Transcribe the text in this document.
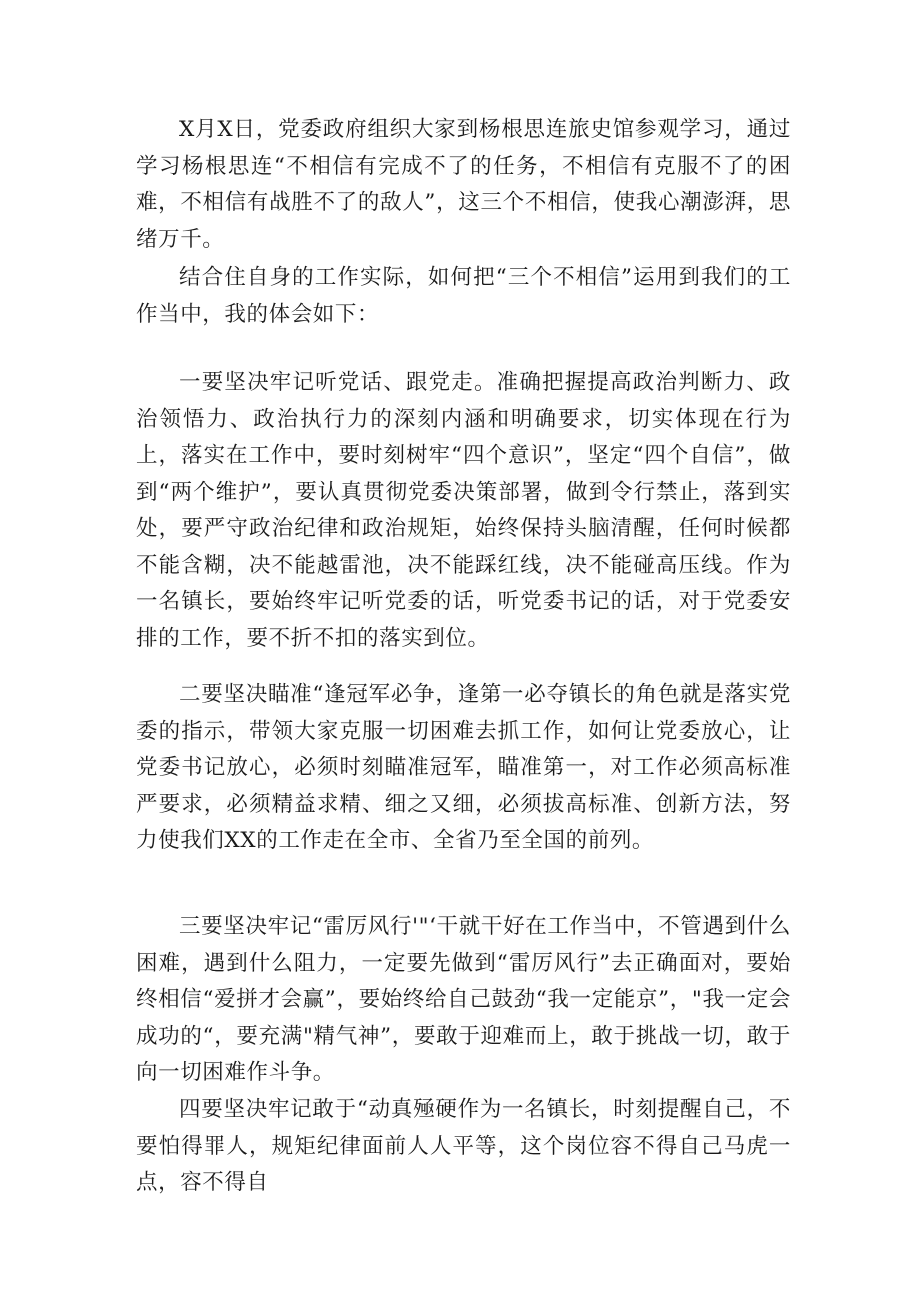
X月X日，党委政府组织大家到杨根思连旅史馆参观学习，通过学习杨根思连“不相信有完成不了的任务，不相信有克服不了的困难，不相信有战胜不了的敌人”，这三个不相信，使我心潮澎湃，思绪万千。

结合住自身的工作实际，如何把“三个不相信”运用到我们的工作当中，我的体会如下：

一要坚决牢记听党话、跟党走。准确把握提高政治判断力、政治领悟力、政治执行力的深刻内涵和明确要求，切实体现在行为上，落实在工作中，要时刻树牢“四个意识”，坚定“四个自信”，做到“两个维护”，要认真贯彻党委决策部署，做到令行禁止，落到实处，要严守政治纪律和政治规矩，始终保持头脑清醒，任何时候都不能含糊，决不能越雷池，决不能踩红线，决不能碰高压线。作为一名镇长，要始终牢记听党委的话，听党委书记的话，对于党委安排的工作，要不折不扣的落实到位。

二要坚决瞄准“逢冠军必争，逢第一必夺镇长的角色就是落实党委的指示，带领大家克服一切困难去抓工作，如何让党委放心，让党委书记放心，必须时刻瞄准冠军，瞄准第一，对工作必须高标准严要求，必须精益求精、细之又细，必须拔高标准、创新方法，努力使我们XX的工作走在全市、全省乃至全国的前列。

三要坚决牢记“雷厉风行'"‘干就干好在工作当中，不管遇到什么困难，遇到什么阻力，一定要先做到“雷厉风行”去正确面对，要始终相信“爱拼才会赢”，要始终给自己鼓劲“我一定能京”，"我一定会成功的“，要充满"精气神”，要敢于迎难而上，敢于挑战一切，敢于向一切困难作斗争。

四要坚决牢记敢于“动真殛硬作为一名镇长，时刻提醒自己，不要怕得罪人，规矩纪律面前人人平等，这个岗位容不得自己马虎一点，容不得自
